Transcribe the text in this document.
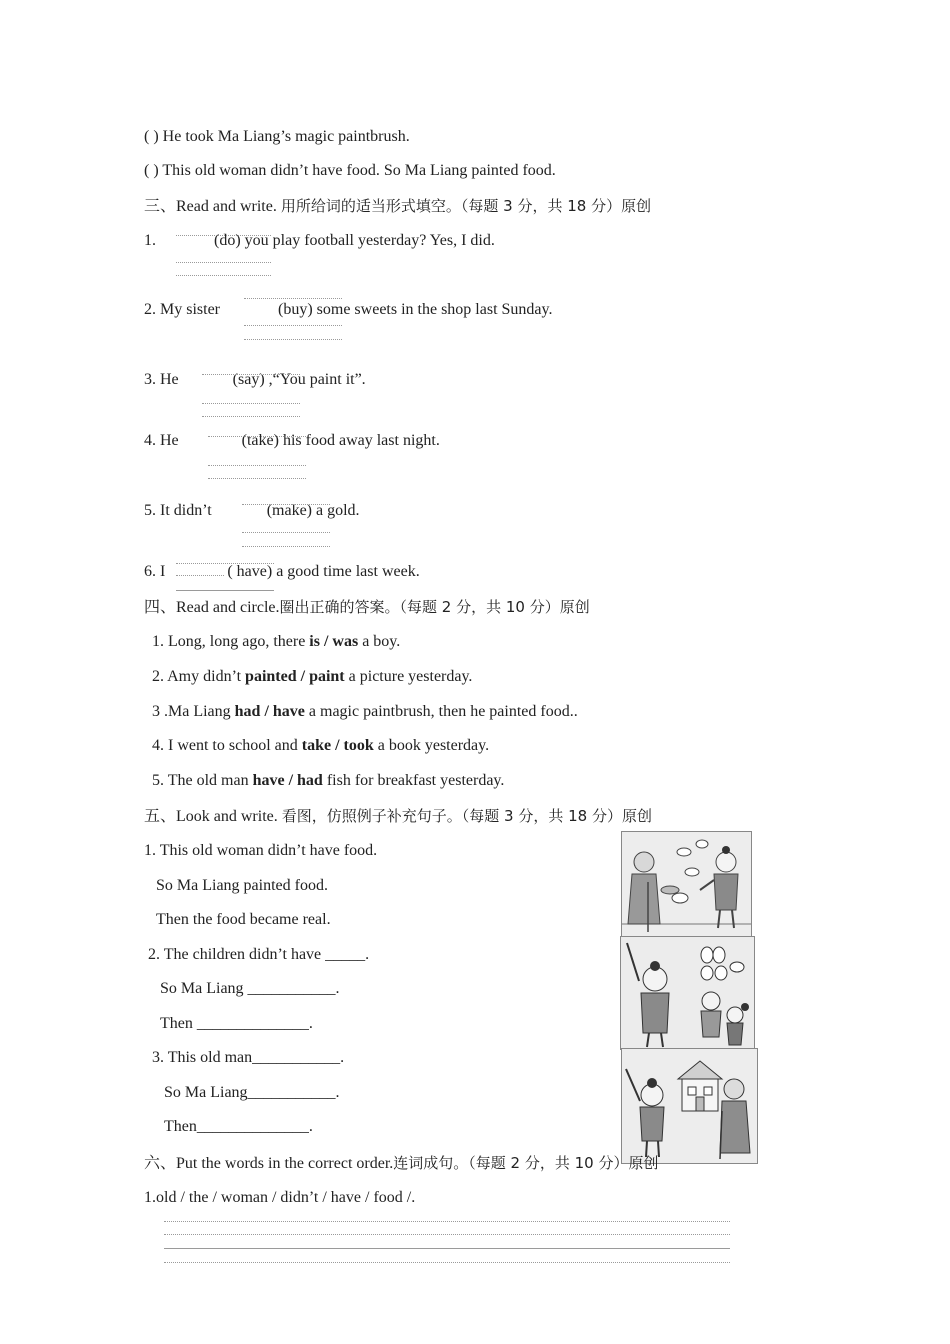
( ) He took Ma Liang’s magic paintbrush.
( ) This old woman didn’t have food. So Ma Liang painted food.
三、Read and write. 用所给词的适当形式填空。（每题 3 分，共 18 分）原创
1.	(do) you play football yesterday? Yes, I did.
2. My sister	(buy) some sweets in the shop last Sunday.
3. He	(say) ,“You paint it”.
4. He	(take) his food away last night.
5. It didn’t	(make) a gold.
6. I	( have) a good time last week.
四、Read and circle.圈出正确的答案。（每题 2 分，共 10 分）原创
1. Long, long ago, there is / was a boy.
2. Amy didn’t painted / paint a picture yesterday.
3 .Ma Liang had / have a magic paintbrush, then he painted food..
4. I went to school and take / took a book yesterday.
5. The old man have / had fish for breakfast yesterday.
五、Look and write. 看图，仿照例子补充句子。（每题 3 分，共 18 分）原创
1. This old woman didn’t have food.
So Ma Liang painted food.
Then the food became real.
2. The children didn’t have _____.
So Ma Liang ___________.
Then ______________.
3. This old man___________.
So Ma Liang___________.
Then______________.
六、Put the words in the correct order.连词成句。（每题 2 分，共 10 分）原创
1.old / the / woman / didn’t / have / food /.
